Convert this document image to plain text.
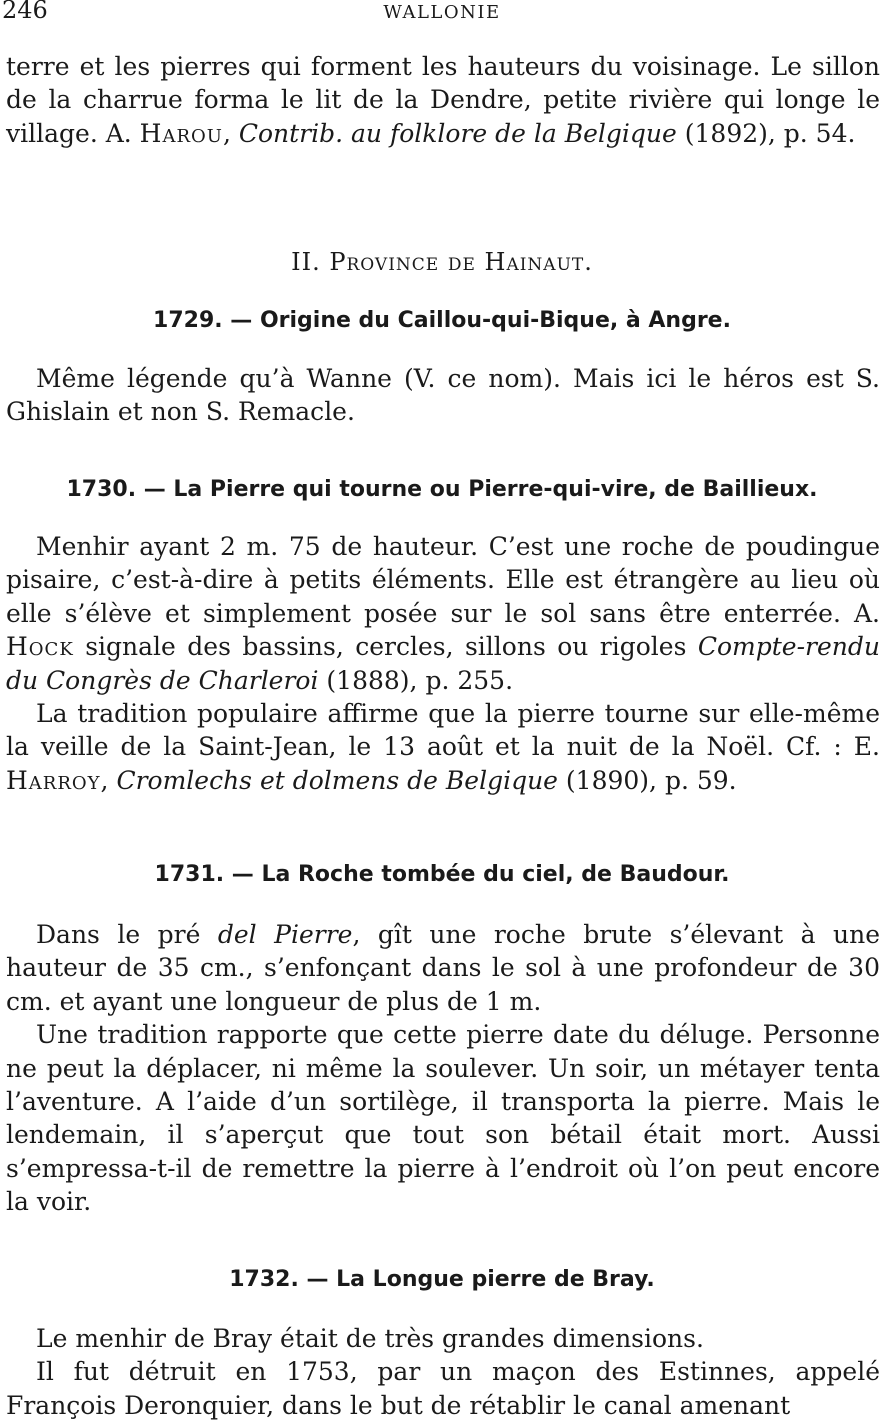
246	WALLONIE

terre et les pierres qui forment les hauteurs du voisinage. Le sillon de la charrue forma le lit de la Dendre, petite rivière qui longe le village. A. Harou, Contrib. au folklore de la Belgique (1892), p. 54.

II. Province de Hainaut.
1729. — Origine du Caillou-qui-Bique, à Angre.

Même légende qu’à Wanne (V. ce nom). Mais ici le héros est S. Ghislain et non S. Remacle.

1730. — La Pierre qui tourne ou Pierre-qui-vire, de Baillieux.

Menhir ayant 2 m. 75 de hauteur. C’est une roche de poudingue pisaire, c’est-à-dire à petits éléments. Elle est étrangère au lieu où elle s’élève et simplement posée sur le sol sans être enterrée. A. Hock signale des bassins, cercles, sillons ou rigoles Compte-rendu du Congrès de Charleroi (1888), p. 255.

La tradition populaire affirme que la pierre tourne sur elle-même la veille de la Saint-Jean, le 13 août et la nuit de la Noël. Cf. : E. Harroy, Cromlechs et dolmens de Belgique (1890), p. 59.

1731. — La Roche tombée du ciel, de Baudour.

Dans le pré del Pierre, gît une roche brute s’élevant à une hauteur de 35 cm., s’enfonçant dans le sol à une profondeur de 30 cm. et ayant une longueur de plus de 1 m.

Une tradition rapporte que cette pierre date du déluge. Personne ne peut la déplacer, ni même la soulever. Un soir, un métayer tenta l’aventure. A l’aide d’un sortilège, il transporta la pierre. Mais le lendemain, il s’aperçut que tout son bétail était mort. Aussi s’empressa-t-il de remettre la pierre à l’endroit où l’on peut encore la voir.

1732. — La Longue pierre de Bray.

Le menhir de Bray était de très grandes dimensions.

Il fut détruit en 1753, par un maçon des Estinnes, appelé François Deronquier, dans le but de rétablir le canal amenant
